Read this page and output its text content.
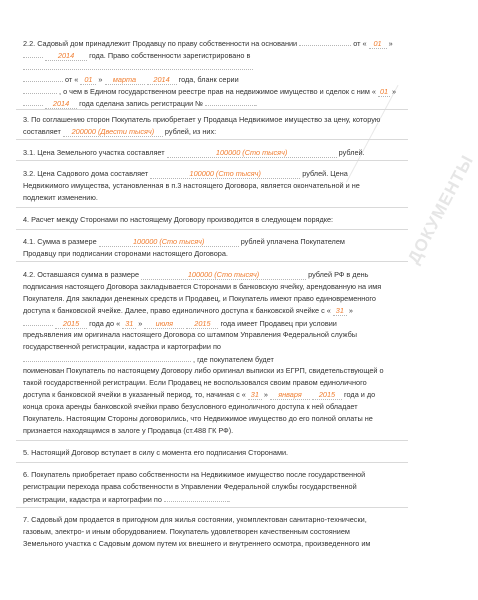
ДОКУМЕНТЫ
2.2. Садовый дом принадлежит Продавцу по праву собственности на основании	от « 01 »
2014 года. Право собственности зарегистрировано в
от « 01 » марта 2014 года, бланк серии
, о чем в Едином государственном реестре прав на недвижимое имущество и сделок с ним « 01 »
2014 года сделана запись регистрации №	.
3. По соглашению сторон Покупатель приобретает у Продавца Недвижимое имущество за цену, которую
составляет 200000 (Двести тысяч) рублей, из них:
3.1. Цена Земельного участка составляет	100000 (Сто тысяч)	рублей.
3.2. Цена Садового дома составляет	100000 (Сто тысяч)	рублей. Цена
Недвижимого имущества, установленная в п.3 настоящего Договора, является окончательной и не
подлежит изменению.
4. Расчет между Сторонами по настоящему Договору производится в следующем порядке:
4.1. Сумма в размере	100000 (Сто тысяч)	рублей уплачена Покупателем
Продавцу при подписании сторонами настоящего Договора.
4.2. Оставшаяся сумма в размере	100000 (Сто тысяч)	рублей РФ в день
подписания настоящего Договора закладывается Сторонами в банковскую ячейку, арендованную на имя
Покупателя. Для закладки денежных средств и Продавец, и Покупатель имеют право единовременного
доступа к банковской ячейке. Далее, право единоличного доступа к банковской ячейке с « 31 »
2015 года до « 31 » июля	2015 года имеет Продавец при условии
предъявления им оригинала настоящего Договора со штампом Управления Федеральной службы
государственной регистрации, кадастра и картографии по
, где покупателем будет
поименован Покупатель по настоящему Договору либо оригинал выписки из ЕГРП, свидетельствующей о
такой государственной регистрации. Если Продавец не воспользовался своим правом единоличного
доступа к банковской ячейки в указанный период, то, начиная с « 31 » января 2015 года и до
конца срока аренды банковской ячейки право безусловного единоличного доступа к ней обладает
Покупатель. Настоящим Стороны договорились, что Недвижимое имущество до его полной оплаты не
признается находящимся в залоге у Продавца (ст.488 ГК РФ).
5. Настоящий Договор вступает в силу с момента его подписания Сторонами.
6. Покупатель приобретает право собственности на Недвижимое имущество после государственной
регистрации перехода права собственности в Управлении Федеральной службы государственной
регистрации, кадастра и картографии по	.
7. Садовый дом продается в пригодном для жилья состоянии, укомплектован санитарно-технически,
газовым, электро- и иным оборудованием. Покупатель удовлетворен качественным состоянием
Земельного участка с Садовым домом путем их внешнего и внутреннего осмотра, произведенного им
